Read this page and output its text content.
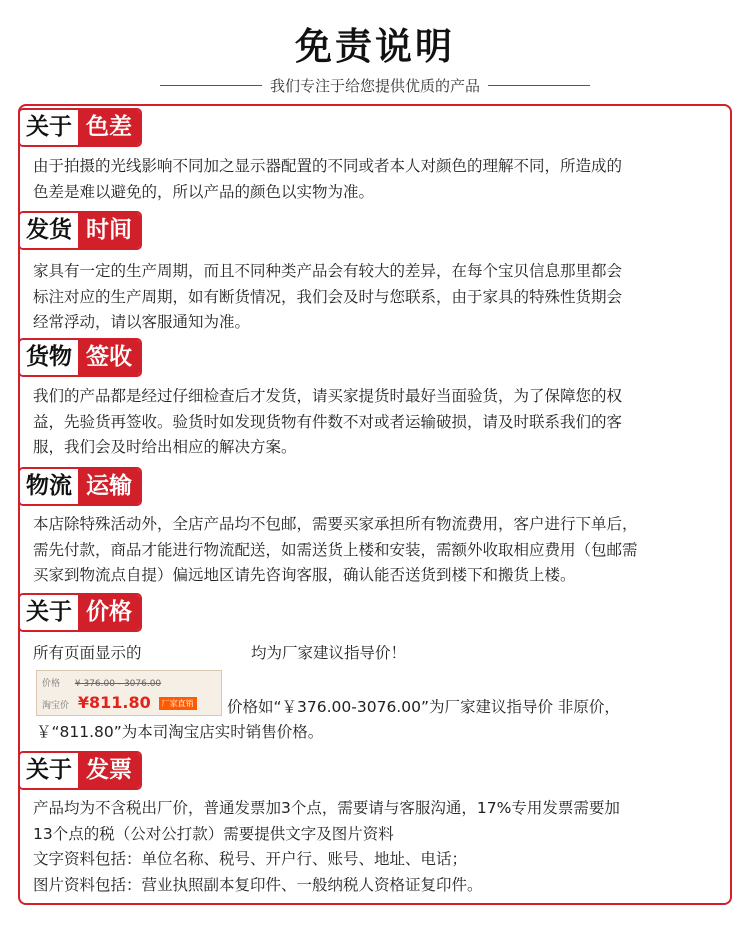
免责说明
我们专注于给您提供优质的产品
关于 色差

由于拍摄的光线影响不同加之显示器配置的不同或者本人对颜色的理解不同，所造成的

色差是难以避免的，所以产品的颜色以实物为准。

发货 时间

家具有一定的生产周期，而且不同种类产品会有较大的差异，在每个宝贝信息那里都会

标注对应的生产周期，如有断货情况，我们会及时与您联系，由于家具的特殊性货期会

经常浮动，请以客服通知为准。

货物 签收

我们的产品都是经过仔细检查后才发货，请买家提货时最好当面验货，为了保障您的权

益，先验货再签收。验货时如发现货物有件数不对或者运输破损，请及时联系我们的客

服，我们会及时给出相应的解决方案。

物流 运输

本店除特殊活动外，全店产品均不包邮，需要买家承担所有物流费用，客户进行下单后，

需先付款，商品才能进行物流配送，如需送货上楼和安装，需额外收取相应费用（包邮需

买家到物流点自提）偏远地区请先咨询客服，确认能否送货到楼下和搬货上楼。

关于 价格

所有页面显示的	均为厂家建议指导价！

价格 ¥ 376.00 - 3076.00
淘宝价 ¥811.80 厂家直销 价格如“￥376.00-3076.00”为厂家建议指导价 非原价，

￥“811.80”为本司淘宝店实时销售价格。

关于 发票

产品均为不含税出厂价，普通发票加3个点，需要请与客服沟通，17%专用发票需要加

13个点的税（公对公打款）需要提供文字及图片资料

文字资料包括：单位名称、税号、开户行、账号、地址、电话；

图片资料包括：营业执照副本复印件、一般纳税人资格证复印件。
